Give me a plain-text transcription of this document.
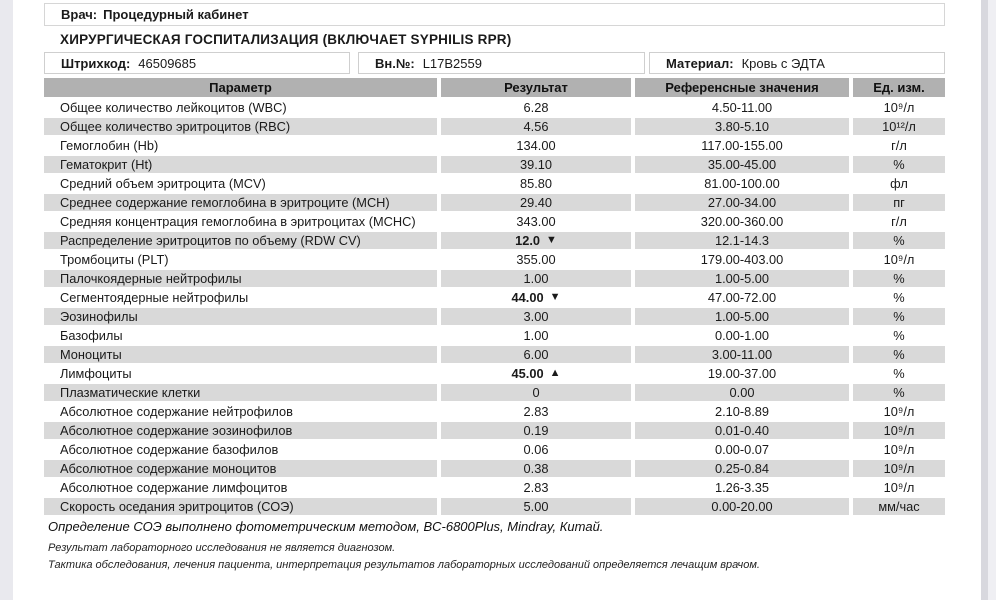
Врач: Процедурный кабинет
ХИРУРГИЧЕСКАЯ ГОСПИТАЛИЗАЦИЯ (ВКЛЮЧАЕТ SYPHILIS RPR)
Штрихкод: 46509685	Вн.№: L17B2559	Материал: Кровь с ЭДТА
Параметр	Результат	Референсные значения	Ед. изм.
Общее количество лейкоцитов (WBC)	6.28	4.50-11.00	10⁹/л
Общее количество эритроцитов (RBC)	4.56	3.80-5.10	10¹²/л
Гемоглобин (Hb)	134.00	117.00-155.00	г/л
Гематокрит (Ht)	39.10	35.00-45.00	%
Средний объем эритроцита (MCV)	85.80	81.00-100.00	фл
Среднее содержание гемоглобина в эритроците (MCH)	29.40	27.00-34.00	пг
Средняя концентрация гемоглобина в эритроцитах (MCHC)	343.00	320.00-360.00	г/л
Распределение эритроцитов по объему (RDW CV)	12.0 ▼	12.1-14.3	%
Тромбоциты (PLT)	355.00	179.00-403.00	10⁹/л
Палочкоядерные нейтрофилы	1.00	1.00-5.00	%
Сегментоядерные нейтрофилы	44.00 ▼	47.00-72.00	%
Эозинофилы	3.00	1.00-5.00	%
Базофилы	1.00	0.00-1.00	%
Моноциты	6.00	3.00-11.00	%
Лимфоциты	45.00 ▲	19.00-37.00	%
Плазматические клетки	0	0.00	%
Абсолютное содержание нейтрофилов	2.83	2.10-8.89	10⁹/л
Абсолютное содержание эозинофилов	0.19	0.01-0.40	10⁹/л
Абсолютное содержание базофилов	0.06	0.00-0.07	10⁹/л
Абсолютное содержание моноцитов	0.38	0.25-0.84	10⁹/л
Абсолютное содержание лимфоцитов	2.83	1.26-3.35	10⁹/л
Скорость оседания эритроцитов (СОЭ)	5.00	0.00-20.00	мм/час
Определение СОЭ выполнено фотометрическим методом, BC-6800Plus, Mindray, Китай.
Результат лабораторного исследования не является диагнозом.
Тактика обследования, лечения пациента, интерпретация результатов лабораторных исследований определяется лечащим врачом.
